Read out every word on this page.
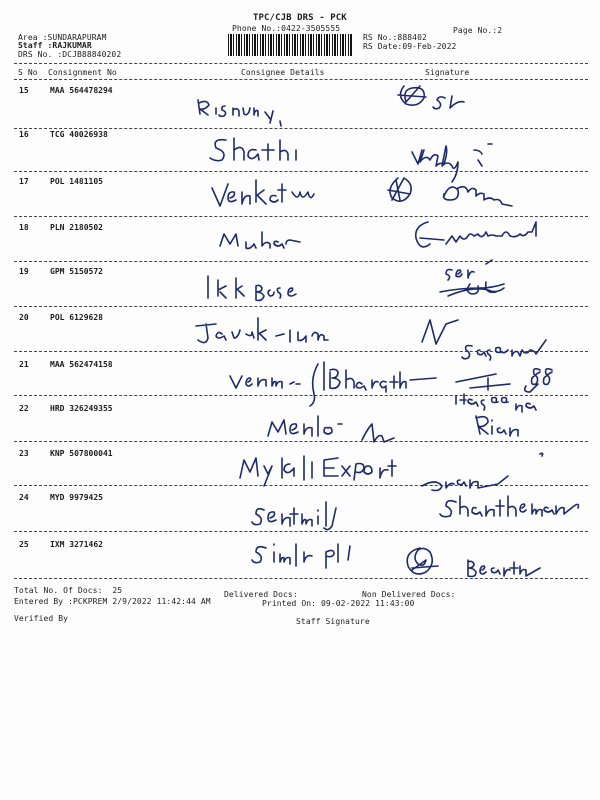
TPC/CJB DRS - PCK
Phone No.:0422-3505555	Page No.:2
Area :SUNDARAPURAM
Staff :RAJKUMAR
DRS No. :DCJB88840202
RS No.:888402
RS Date:09-Feb-2022
S No Consignment No	Consignee Details	Signature
15	MAA 564478294
16	TCG 40026938
17	POL 1481105
18	PLN 2180502
19	GPM 5150572
20	POL 6129628
21	MAA 562474158
22	HRD 326249355
23	KNP 507800041
24	MYD 9979425
25	IXM 3271462
Total No. Of Docs:  25	Delivered Docs:	Non Delivered Docs:
Entered By :PCKPREM 2/9/2022 11:42:44 AM	Printed On: 09-02-2022 11:43:00
Verified By	Staff Signature
